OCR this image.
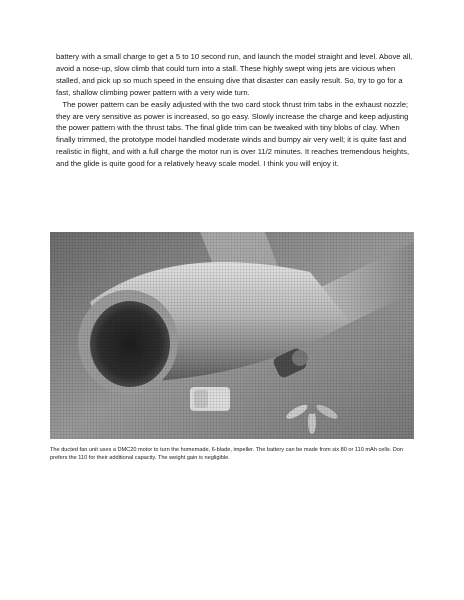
battery with a small charge to get a 5 to 10 second run, and launch the model straight and level. Above all, avoid a nose-up, slow climb that could turn into a stall. These highly swept wing jets are vicious when stalled, and pick up so much speed in the ensuing dive that disaster can easily result. So, try to go for a fast, shallow climbing power pattern with a very wide turn.

The power pattern can be easily adjusted with the two card stock thrust trim tabs in the exhaust nozzle; they are very sensitive as power is increased, so go easy. Slowly increase the charge and keep adjusting the power pattern with the thrust tabs. The final glide trim can be tweaked with tiny blobs of clay. When finally trimmed, the prototype model handled moderate winds and bumpy air very well; it is quite fast and realistic in flight, and with a full charge the motor run is over 11/2 minutes. It reaches tremendous heights, and the glide is quite good for a relatively heavy scale model. I think you will enjoy it.

The ducted fan unit uses a DMC20 motor to turn the homemade, 6-blade, impeller. The battery can be made from six 80 or 110 mAh cells. Don prefers the 110 for their additional capacity. The weight gain is negligible.
